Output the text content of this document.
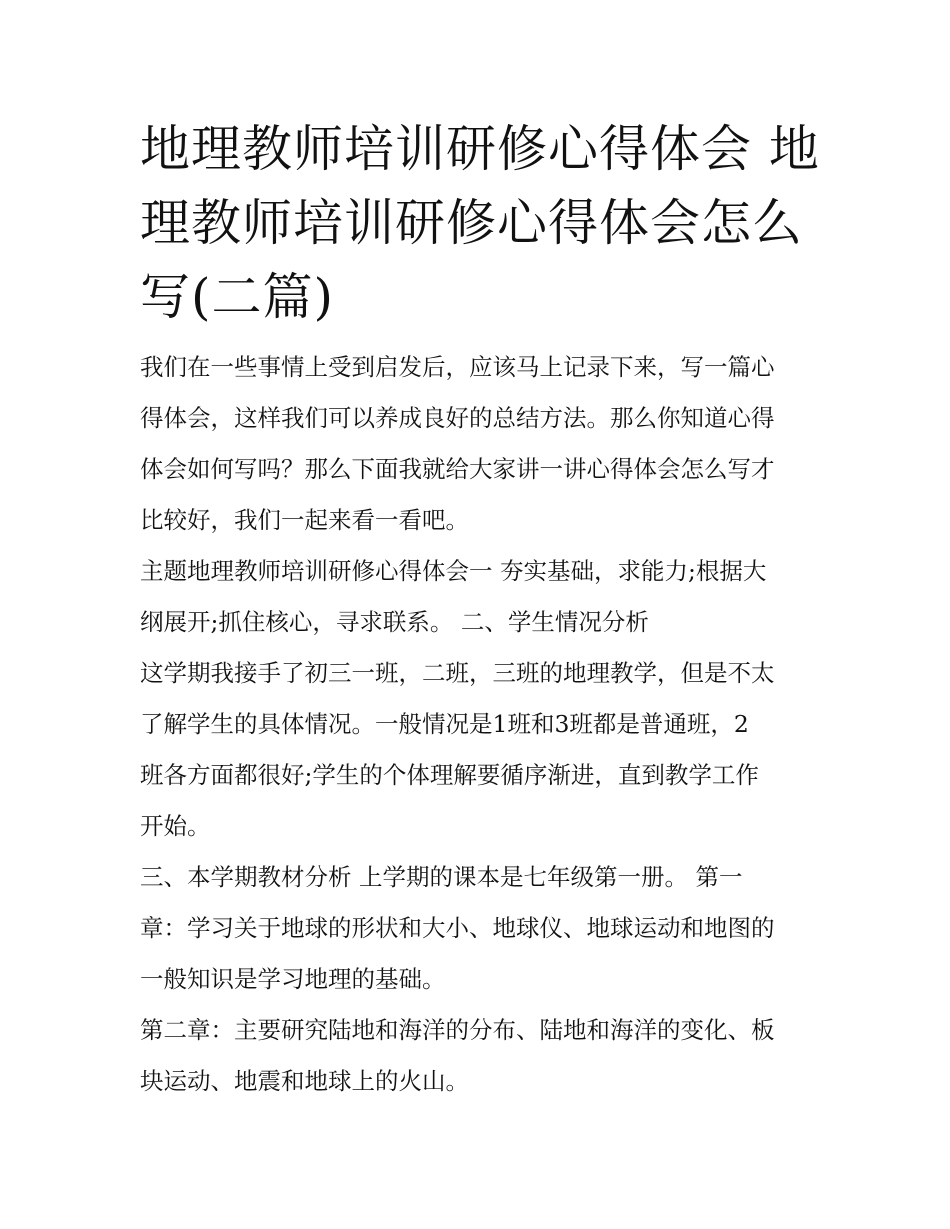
地理教师培训研修心得体会 地
理教师培训研修心得体会怎么
写(二篇)

我们在一些事情上受到启发后，应该马上记录下来，写一篇心
得体会，这样我们可以养成良好的总结方法。那么你知道心得
体会如何写吗？那么下面我就给大家讲一讲心得体会怎么写才
比较好，我们一起来看一看吧。

主题地理教师培训研修心得体会一 夯实基础，求能力;根据大
纲展开;抓住核心，寻求联系。 二、学生情况分析

这学期我接手了初三一班，二班，三班的地理教学，但是不太
了解学生的具体情况。一般情况是1班和3班都是普通班，2
班各方面都很好;学生的个体理解要循序渐进，直到教学工作
开始。

三、本学期教材分析 上学期的课本是七年级第一册。 第一
章：学习关于地球的形状和大小、地球仪、地球运动和地图的
一般知识是学习地理的基础。

第二章：主要研究陆地和海洋的分布、陆地和海洋的变化、板
块运动、地震和地球上的火山。
